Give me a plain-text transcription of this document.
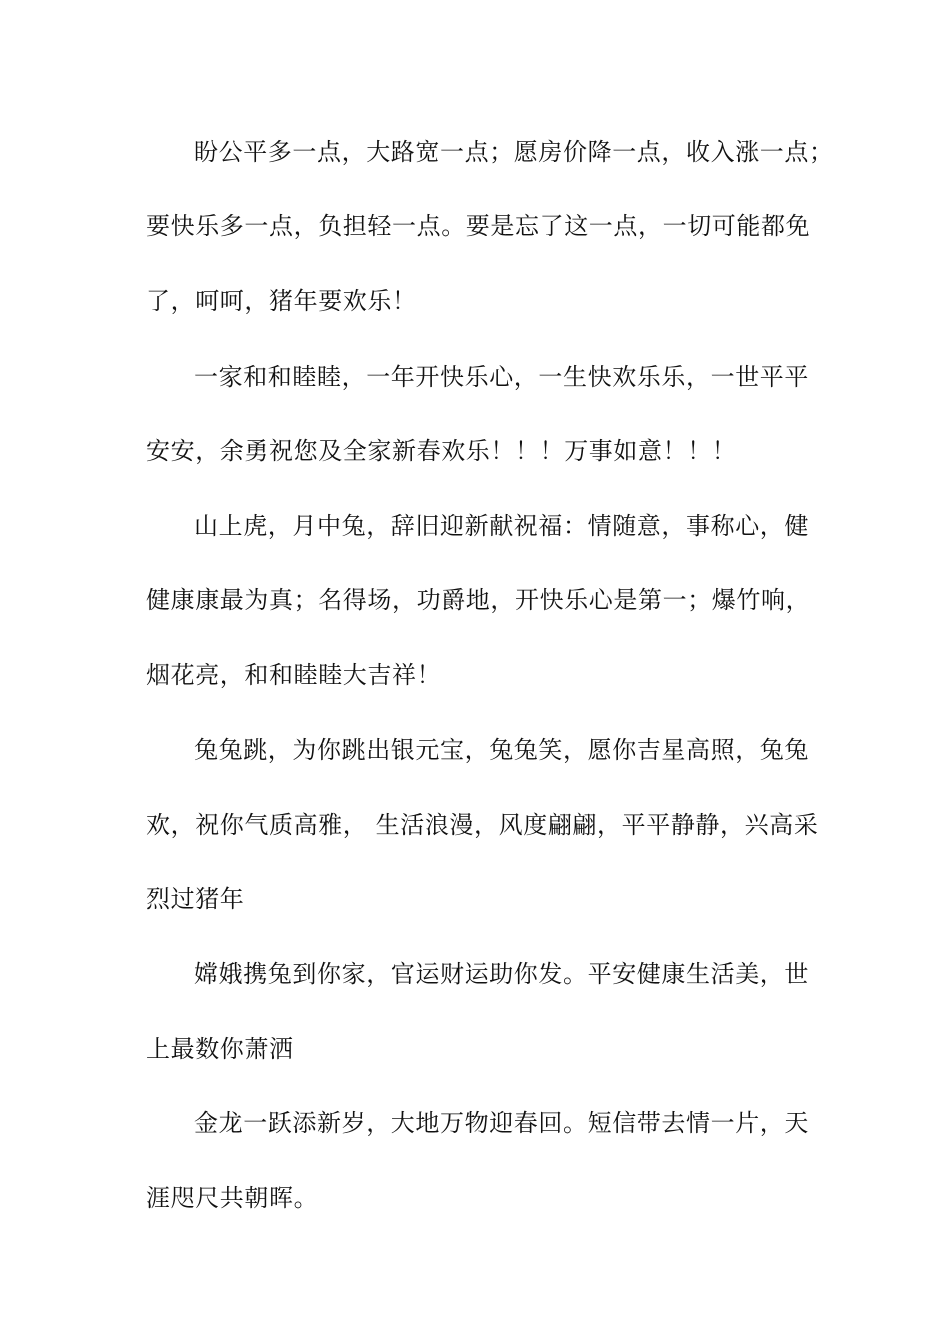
盼公平多一点，大路宽一点；愿房价降一点，收入涨一点；
要快乐多一点，负担轻一点。要是忘了这一点，一切可能都免
了，呵呵，猪年要欢乐！
一家和和睦睦，一年开快乐心，一生快欢乐乐，一世平平
安安，余勇祝您及全家新春欢乐！！！万事如意！！！
山上虎，月中兔，辞旧迎新献祝福：情随意，事称心，健
健康康最为真；名得场，功爵地，开快乐心是第一；爆竹响，
烟花亮，和和睦睦大吉祥！
兔兔跳，为你跳出银元宝，兔兔笑，愿你吉星高照，兔兔
欢，祝你气质高雅， 生活浪漫，风度翩翩，平平静静，兴高采
烈过猪年
嫦娥携兔到你家，官运财运助你发。平安健康生活美，世
上最数你萧洒
金龙一跃添新岁，大地万物迎春回。短信带去情一片，天
涯咫尺共朝晖。
